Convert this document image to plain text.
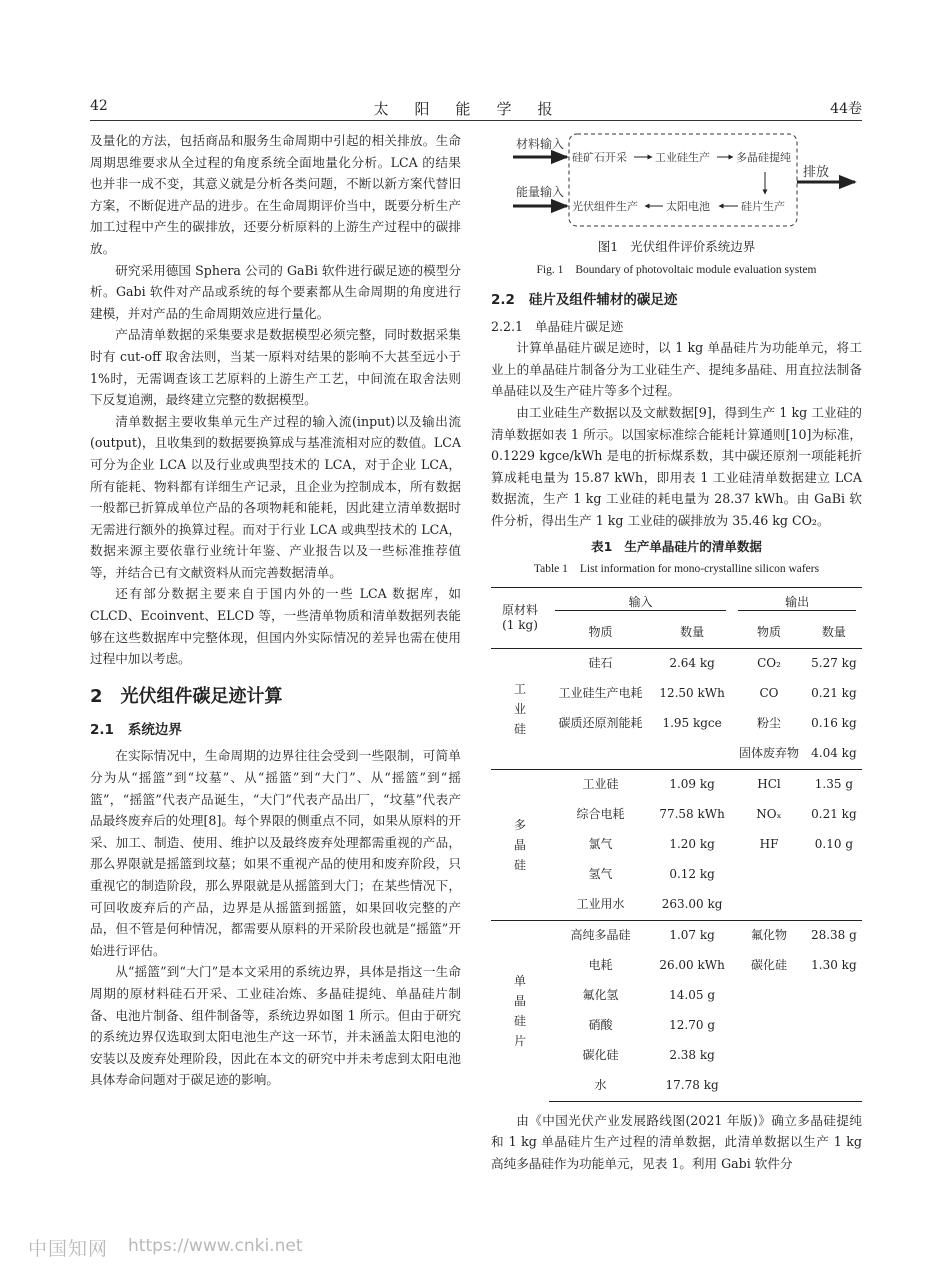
42	太阳能学报	44卷

及量化的方法，包括商品和服务生命周期中引起的相关排放。生命周期思维要求从全过程的角度系统全面地量化分析。LCA 的结果也并非一成不变，其意义就是分析各类问题，不断以新方案代替旧方案，不断促进产品的进步。在生命周期评价当中，既要分析生产加工过程中产生的碳排放，还要分析原料的上游生产过程中的碳排放。

研究采用德国 Sphera 公司的 GaBi 软件进行碳足迹的模型分析。Gabi 软件对产品或系统的每个要素都从生命周期的角度进行建模，并对产品的生命周期效应进行量化。

产品清单数据的采集要求是数据模型必须完整，同时数据采集时有 cut-off 取舍法则，当某一原料对结果的影响不大甚至远小于 1%时，无需调查该工艺原料的上游生产工艺，中间流在取舍法则下反复追溯，最终建立完整的数据模型。

清单数据主要收集单元生产过程的输入流(input)以及输出流(output)，且收集到的数据要换算成与基准流相对应的数值。LCA 可分为企业 LCA 以及行业或典型技术的 LCA，对于企业 LCA，所有能耗、物料都有详细生产记录，且企业为控制成本，所有数据一般都已折算成单位产品的各项物耗和能耗，因此建立清单数据时无需进行额外的换算过程。而对于行业 LCA 或典型技术的 LCA，数据来源主要依靠行业统计年鉴、产业报告以及一些标准推荐值等，并结合已有文献资料从而完善数据清单。

还有部分数据主要来自于国内外的一些 LCA 数据库，如 CLCD、Ecoinvent、ELCD 等，一些清单物质和清单数据列表能够在这些数据库中完整体现，但国内外实际情况的差异也需在使用过程中加以考虑。

2 光伏组件碳足迹计算
2.1 系统边界

在实际情况中，生命周期的边界往往会受到一些限制，可简单分为从“摇篮”到“坟墓”、从“摇篮”到“大门”、从“摇篮”到“摇篮”，“摇篮”代表产品诞生，“大门”代表产品出厂，“坟墓”代表产品最终废弃后的处理[8]。每个界限的侧重点不同，如果从原料的开采、加工、制造、使用、维护以及最终废弃处理都需重视的产品，那么界限就是摇篮到坟墓；如果不重视产品的使用和废弃阶段，只重视它的制造阶段，那么界限就是从摇篮到大门；在某些情况下，可回收废弃后的产品，边界是从摇篮到摇篮，如果回收完整的产品，但不管是何种情况，都需要从原料的开采阶段也就是“摇篮”开始进行评估。

从“摇篮”到“大门”是本文采用的系统边界，具体是指这一生命周期的原材料硅石开采、工业硅冶炼、多晶硅提纯、单晶硅片制备、电池片制备、组件制备等，系统边界如图 1 所示。但由于研究的系统边界仅选取到太阳电池生产这一环节，并未涵盖太阳电池的安装以及废弃处理阶段，因此在本文的研究中并未考虑到太阳电池具体寿命问题对于碳足迹的影响。

材料输入
能量输入
硅矿石开采	工业硅生产 多晶硅提纯
光伏组件生产	太阳电池	硅片生产
排放
图1 光伏组件评价系统边界
Fig. 1 Boundary of photovoltaic module evaluation system
2.2 硅片及组件辅材的碳足迹
2.2.1 单晶硅片碳足迹

计算单晶硅片碳足迹时，以 1 kg 单晶硅片为功能单元，将工业上的单晶硅片制备分为工业硅生产、提纯多晶硅、用直拉法制备单晶硅以及生产硅片等多个过程。

由工业硅生产数据以及文献数据[9]，得到生产 1 kg 工业硅的清单数据如表 1 所示。以国家标准综合能耗计算通则[10]为标准，0.1229 kgce/kWh 是电的折标煤系数，其中碳还原剂一项能耗折算成耗电量为 15.87 kWh，即用表 1 工业硅清单数据建立 LCA 数据流，生产 1 kg 工业硅的耗电量为 28.37 kWh。由 GaBi 软件分析，得出生产 1 kg 工业硅的碳排放为 35.46 kg CO₂。

表1 生产单晶硅片的清单数据
Table 1 List information for mono-crystalline silicon wafers
原材料
(1 kg)	输入		输出	

	物质	数量	物质	数量

工
业
硅	硅石	2.64 kg	CO₂	5.27 kg
	工业硅生产电耗	12.50 kWh	CO	0.21 kg
	碳质还原剂能耗	1.95 kgce	粉尘	0.16 kg
			固体废弃物	4.04 kg

多
晶
硅	工业硅	1.09 kg	HCl	1.35 g
	综合电耗	77.58 kWh	NOₓ	0.21 kg
	氯气	1.20 kg	HF	0.10 g
	氢气	0.12 kg		
	工业用水	263.00 kg		

单
晶
硅
片	高纯多晶硅	1.07 kg	氟化物	28.38 g
	电耗	26.00 kWh	碳化硅	1.30 kg
	氟化氢	14.05 g		
	硝酸	12.70 g		
	碳化硅	2.38 kg		
	水	17.78 kg		

由《中国光伏产业发展路线图(2021 年版)》确立多晶硅提纯和 1 kg 单晶硅片生产过程的清单数据，此清单数据以生产 1 kg 高纯多晶硅作为功能单元，见表 1。利用 Gabi 软件分

中国知网 https://www.cnki.net
